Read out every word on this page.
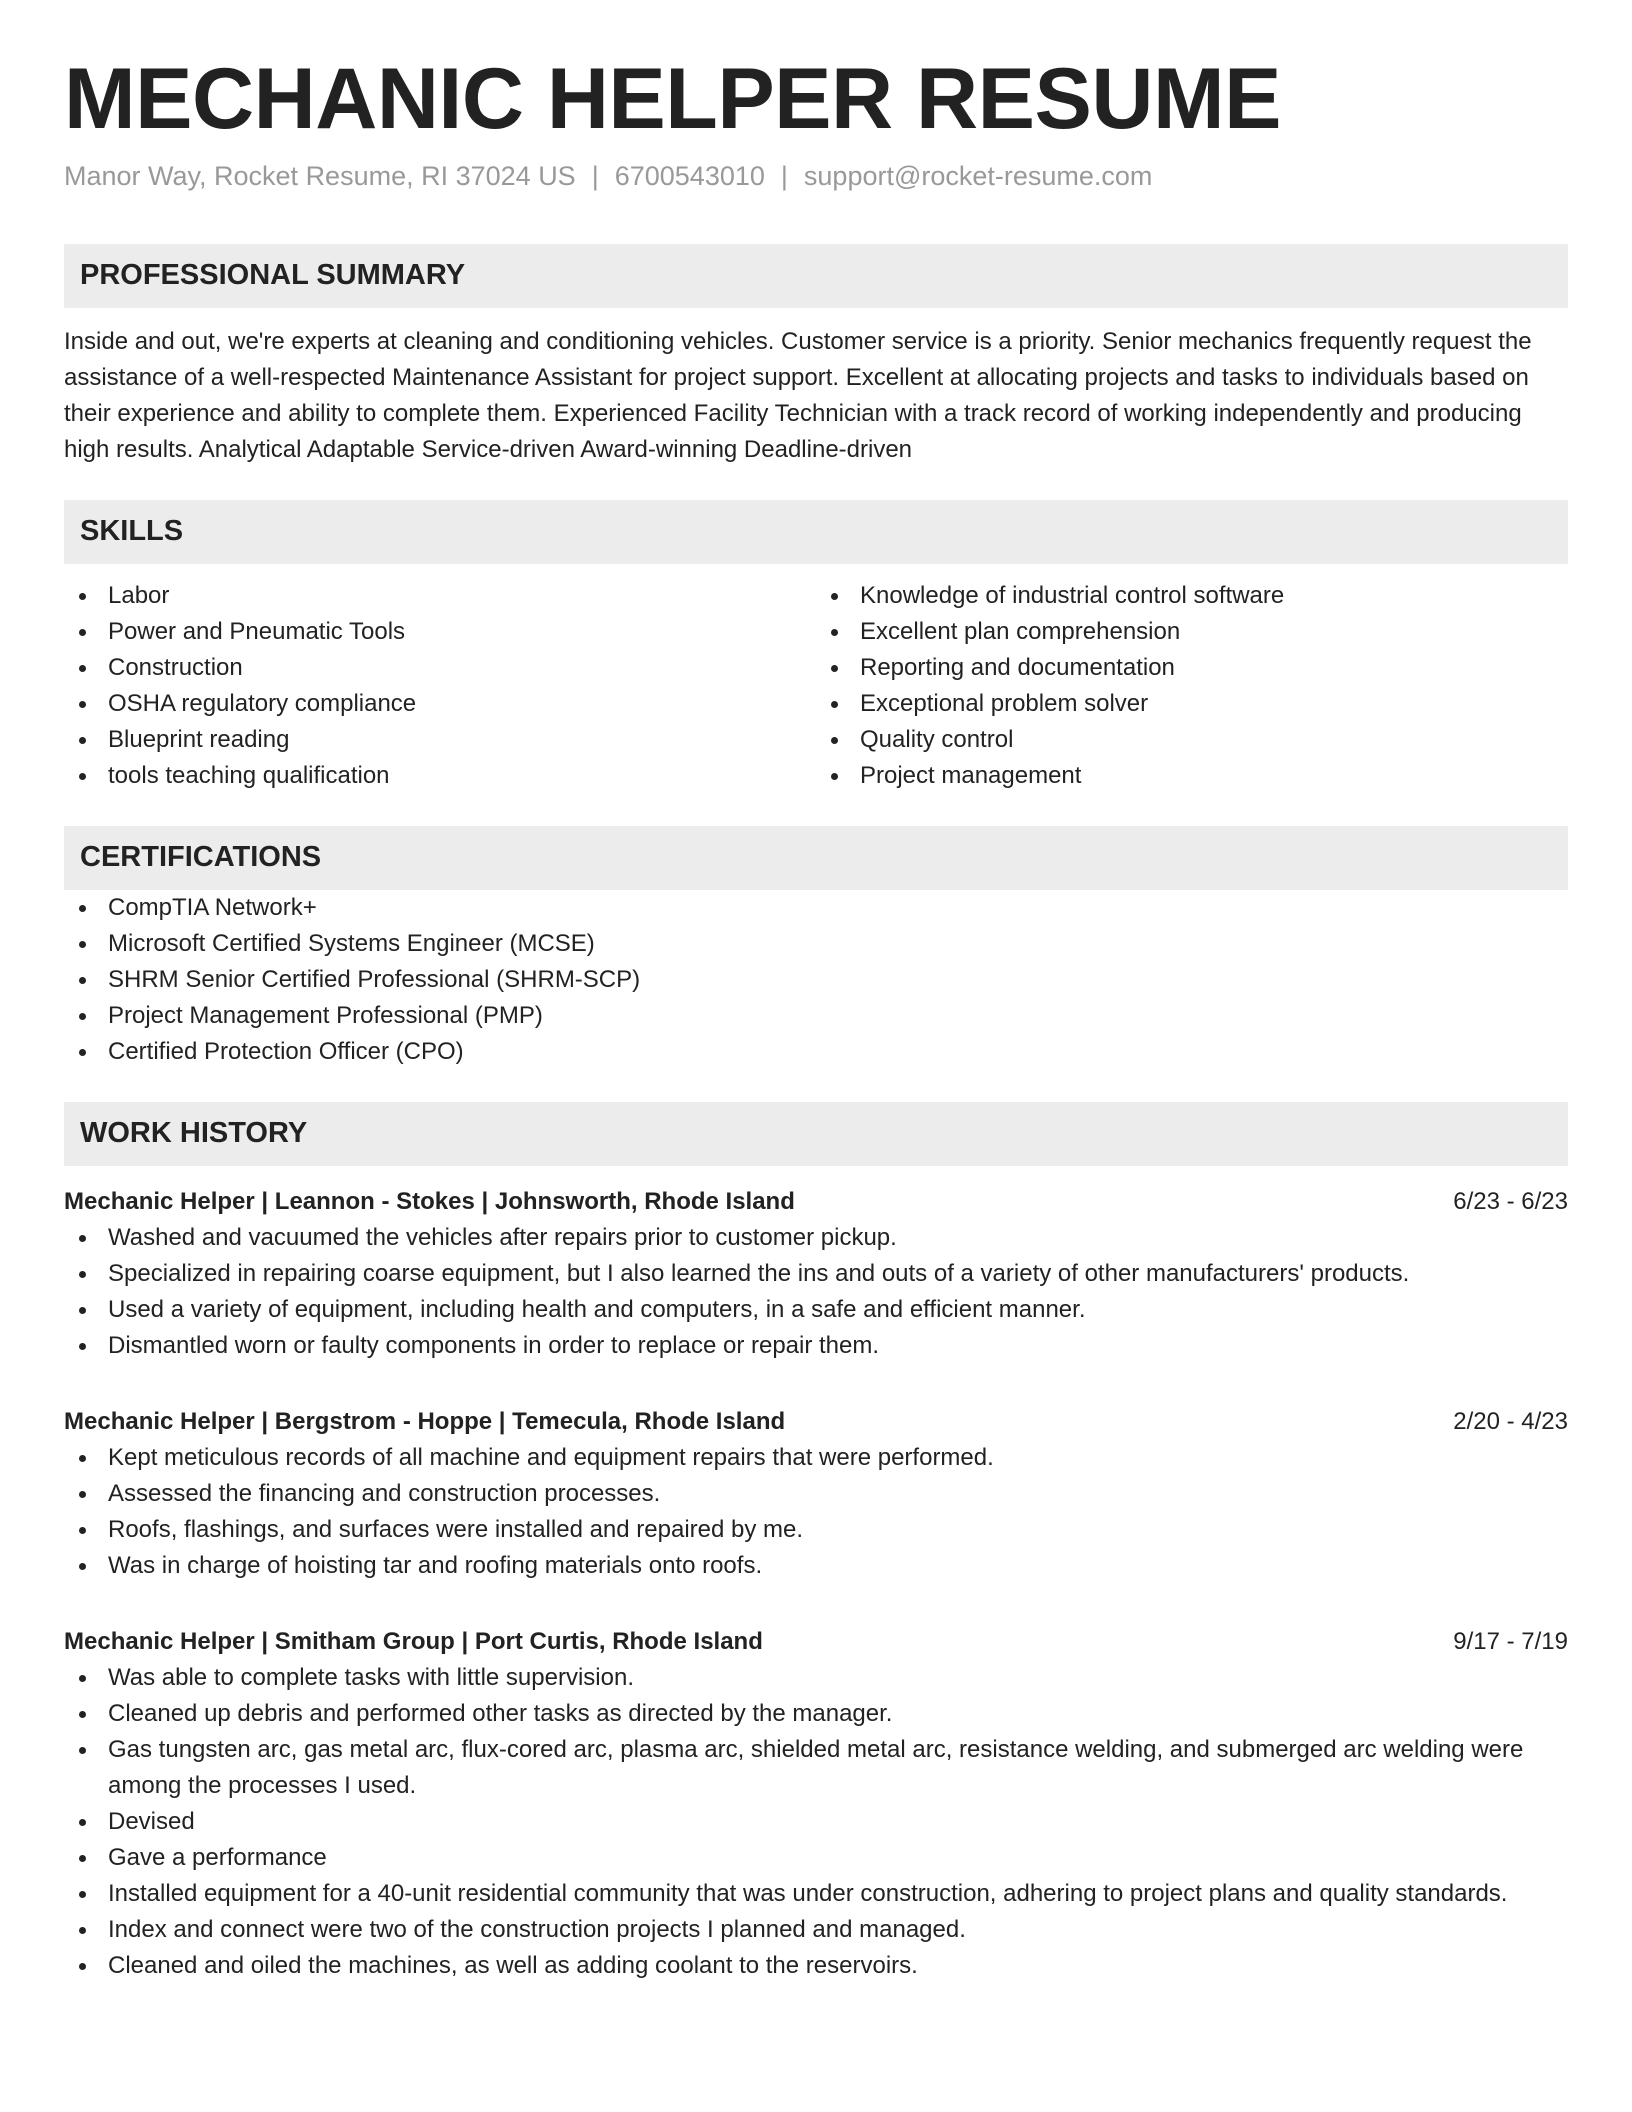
MECHANIC HELPER RESUME
Manor Way, Rocket Resume, RI 37024 US | 6700543010 | support@rocket-resume.com
PROFESSIONAL SUMMARY
Inside and out, we're experts at cleaning and conditioning vehicles. Customer service is a priority. Senior mechanics frequently request the assistance of a well-respected Maintenance Assistant for project support. Excellent at allocating projects and tasks to individuals based on their experience and ability to complete them. Experienced Facility Technician with a track record of working independently and producing high results. Analytical Adaptable Service-driven Award-winning Deadline-driven
SKILLS
Labor
Power and Pneumatic Tools
Construction
OSHA regulatory compliance
Blueprint reading
tools teaching qualification
Knowledge of industrial control software
Excellent plan comprehension
Reporting and documentation
Exceptional problem solver
Quality control
Project management
CERTIFICATIONS
CompTIA Network+
Microsoft Certified Systems Engineer (MCSE)
SHRM Senior Certified Professional (SHRM-SCP)
Project Management Professional (PMP)
Certified Protection Officer (CPO)
WORK HISTORY
Mechanic Helper | Leannon - Stokes | Johnsworth, Rhode Island	6/23 - 6/23
Washed and vacuumed the vehicles after repairs prior to customer pickup.
Specialized in repairing coarse equipment, but I also learned the ins and outs of a variety of other manufacturers' products.
Used a variety of equipment, including health and computers, in a safe and efficient manner.
Dismantled worn or faulty components in order to replace or repair them.
Mechanic Helper | Bergstrom - Hoppe | Temecula, Rhode Island	2/20 - 4/23
Kept meticulous records of all machine and equipment repairs that were performed.
Assessed the financing and construction processes.
Roofs, flashings, and surfaces were installed and repaired by me.
Was in charge of hoisting tar and roofing materials onto roofs.
Mechanic Helper | Smitham Group | Port Curtis, Rhode Island	9/17 - 7/19
Was able to complete tasks with little supervision.
Cleaned up debris and performed other tasks as directed by the manager.
Gas tungsten arc, gas metal arc, flux-cored arc, plasma arc, shielded metal arc, resistance welding, and submerged arc welding were among the processes I used.
Devised
Gave a performance
Installed equipment for a 40-unit residential community that was under construction, adhering to project plans and quality standards.
Index and connect were two of the construction projects I planned and managed.
Cleaned and oiled the machines, as well as adding coolant to the reservoirs.
